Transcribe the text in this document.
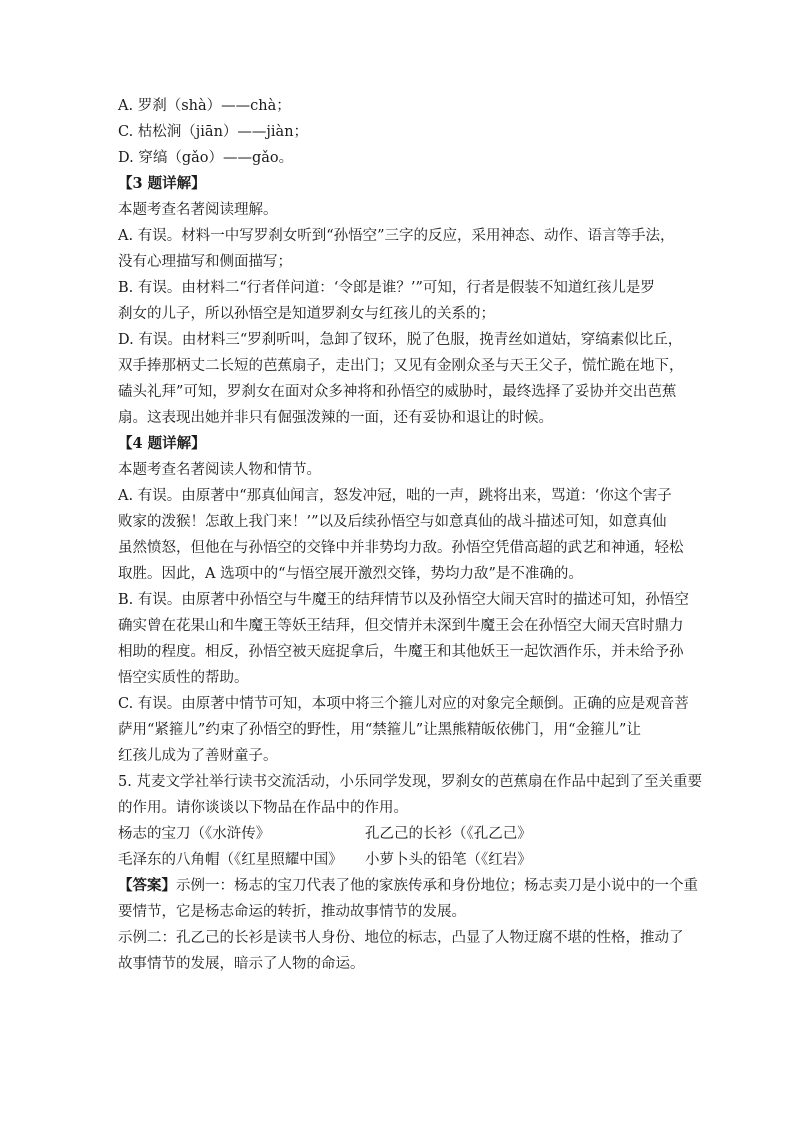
A. 罗刹（shà）——chà；
C. 枯松涧（jiān）——jiàn；
D. 穿缟（gǎo）——gǎo。
【3 题详解】
本题考查名著阅读理解。
A. 有误。材料一中写罗刹女听到“孙悟空”三字的反应，采用神态、动作、语言等手法，
没有心理描写和侧面描写；
B. 有误。由材料二“行者佯问道：‘令郎是谁？’”可知，行者是假装不知道红孩儿是罗
刹女的儿子，所以孙悟空是知道罗刹女与红孩儿的关系的；
D. 有误。由材料三“罗刹听叫，急卸了钗环，脱了色服，挽青丝如道姑，穿缟素似比丘，
双手捧那柄丈二长短的芭蕉扇子，走出门；又见有金刚众圣与天王父子，慌忙跪在地下，
磕头礼拜”可知，罗刹女在面对众多神将和孙悟空的威胁时，最终选择了妥协并交出芭蕉
扇。这表现出她并非只有倔强泼辣的一面，还有妥协和退让的时候。
【4 题详解】
本题考查名著阅读人物和情节。
A. 有误。由原著中“那真仙闻言，怒发冲冠，咄的一声，跳将出来，骂道：‘你这个害子
败家的泼猴！怎敢上我门来！’”以及后续孙悟空与如意真仙的战斗描述可知，如意真仙
虽然愤怒，但他在与孙悟空的交锋中并非势均力敌。孙悟空凭借高超的武艺和神通，轻松
取胜。因此，A 选项中的“与悟空展开激烈交锋，势均力敌”是不准确的。
B. 有误。由原著中孙悟空与牛魔王的结拜情节以及孙悟空大闹天宫时的描述可知，孙悟空
确实曾在花果山和牛魔王等妖王结拜，但交情并未深到牛魔王会在孙悟空大闹天宫时鼎力
相助的程度。相反，孙悟空被天庭捉拿后，牛魔王和其他妖王一起饮酒作乐，并未给予孙
悟空实质性的帮助。
C. 有误。由原著中情节可知，本项中将三个箍儿对应的对象完全颠倒。正确的应是观音菩
萨用“紧箍儿”约束了孙悟空的野性，用“禁箍儿”让黑熊精皈依佛门，用“金箍儿”让
红孩儿成为了善财童子。
5. 芃麦文学社举行读书交流活动，小乐同学发现，罗刹女的芭蕉扇在作品中起到了至关重要
的作用。请你谈谈以下物品在作品中的作用。
杨志的宝刀（《水浒传》	孔乙己的长衫（《孔乙己》
毛泽东的八角帽（《红星照耀中国》	小萝卜头的铅笔（《红岩》
【答案】示例一：杨志的宝刀代表了他的家族传承和身份地位；杨志卖刀是小说中的一个重
要情节，它是杨志命运的转折，推动故事情节的发展。
示例二：孔乙己的长衫是读书人身份、地位的标志，凸显了人物迂腐不堪的性格，推动了
故事情节的发展，暗示了人物的命运。
